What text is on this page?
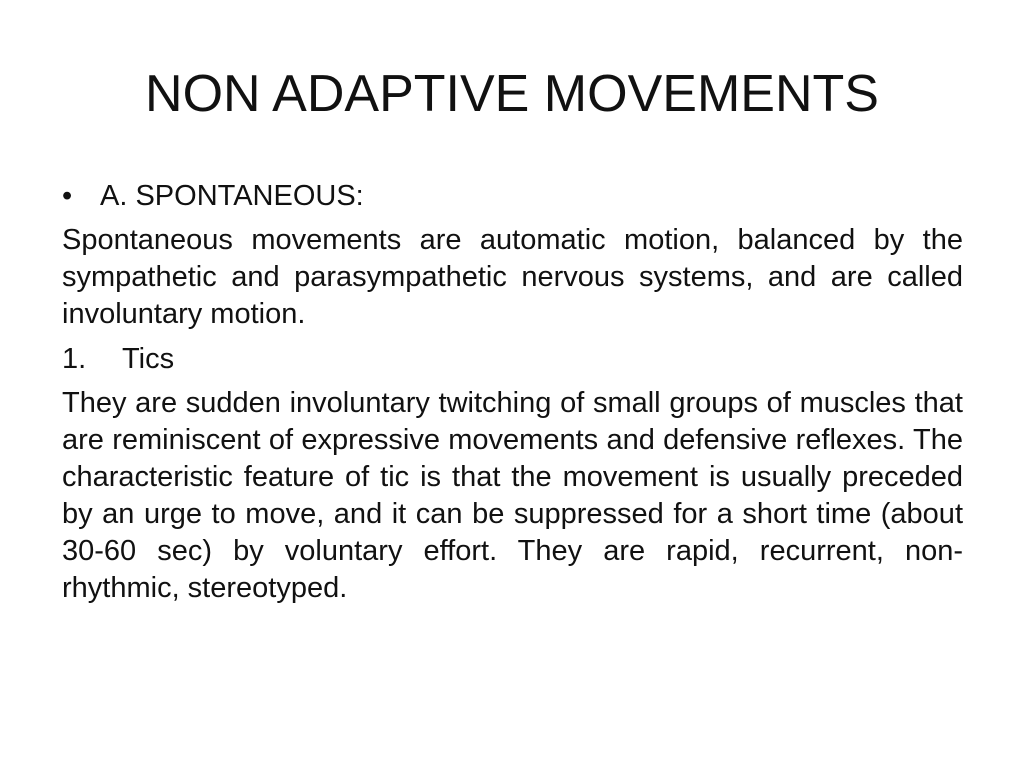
NON ADAPTIVE MOVEMENTS
• A. SPONTANEOUS:

Spontaneous movements are automatic motion, balanced by the sympathetic and parasympathetic nervous systems, and are called involuntary motion.

1. Tics

They are sudden involuntary twitching of small groups of muscles that are reminiscent of expressive movements and defensive reflexes. The characteristic feature of tic is that the movement is usually preceded by an urge to move, and it can be suppressed for a short time (about 30-60 sec) by voluntary effort. They are rapid, recurrent, non-rhythmic, stereotyped.
